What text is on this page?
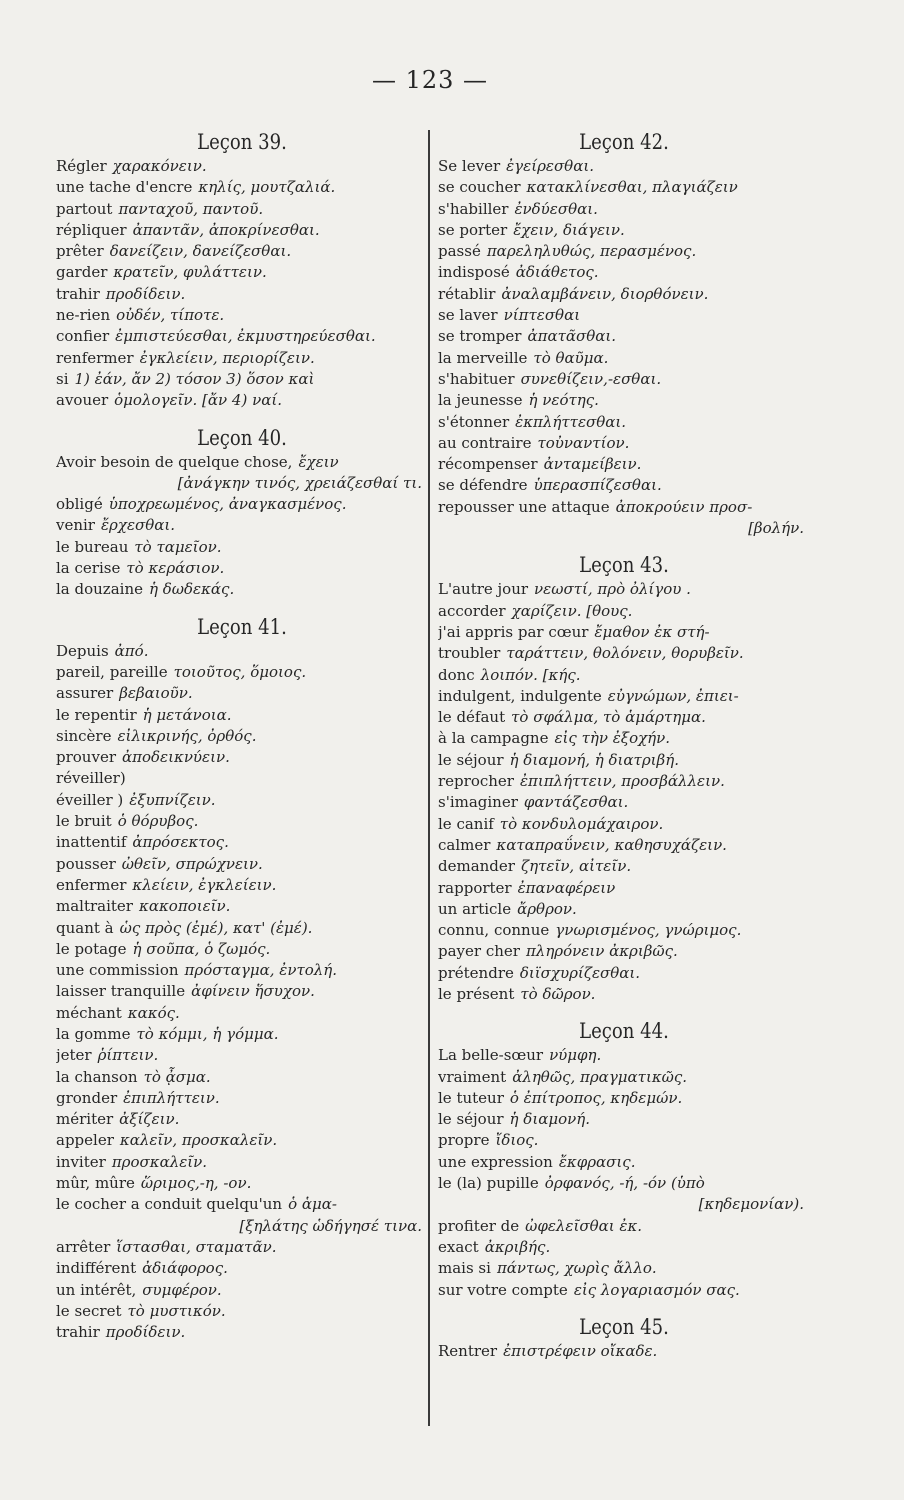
— 123 —
Leçon 39.
Régler χαρακόνειν.
une tache d'encre κηλίς, μουτζαλιά.
partout πανταχοῦ, παντοῦ.
répliquer ἀπαντᾶν, ἀποκρίνεσθαι.
prêter δανείζειν, δανείζεσθαι.
garder κρατεῖν, φυλάττειν.
trahir προδίδειν.
ne-rien οὐδέν, τίποτε.
confier ἐμπιστεύεσθαι, ἐκμυστηρεύεσθαι.
renfermer ἐγκλείειν, περιορίζειν.
si 1) ἐάν, ἄν 2) τόσον 3) ὅσον καὶ
avouer ὁμολογεῖν. [ἄν 4) ναί.
Leçon 40.
Avoir besoin de quelque chose, ἔχειν
[ἀνάγκην τινός, χρειάζεσθαί τι.
obligé ὑποχρεωμένος, ἀναγκασμένος.
venir ἔρχεσθαι.
le bureau τὸ ταμεῖον.
la cerise τὸ κεράσιον.
la douzaine ἡ δωδεκάς.
Leçon 41.
Depuis ἀπό.
pareil, pareille τοιοῦτος, ὅμοιος.
assurer βεβαιοῦν.
le repentir ἡ μετάνοια.
sincère εἰλικρινής, ὀρθός.
prouver ἀποδεικνύειν.
réveiller)
éveiller ) ἐξυπνίζειν.
le bruit ὁ θόρυβος.
inattentif ἀπρόσεκτος.
pousser ὠθεῖν, σπρώχνειν.
enfermer κλείειν, ἐγκλείειν.
maltraiter κακοποιεῖν.
quant à ὡς πρὸς (ἐμέ), κατ' (ἐμέ).
le potage ἡ σοῦπα, ὁ ζωμός.
une commission πρόσταγμα, ἐντολή.
laisser tranquille ἀφίνειν ἥσυχον.
méchant κακός.
la gomme τὸ κόμμι, ἡ γόμμα.
jeter ῥίπτειν.
la chanson τὸ ᾆσμα.
gronder ἐπιπλήττειν.
mériter ἀξίζειν.
appeler καλεῖν, προσκαλεῖν.
inviter προσκαλεῖν.
mûr, mûre ὥριμος,-η, -ον.
le cocher a conduit quelqu'un ὁ ἁμα-
[ξηλάτης ὡδήγησέ τινα.
arrêter ἵστασθαι, σταματᾶν.
indifférent ἀδιάφορος.
un intérêt, συμφέρον.
le secret τὸ μυστικόν.
trahir προδίδειν.
Leçon 42.
Se lever ἐγείρεσθαι.
se coucher κατακλίνεσθαι, πλαγιάζειν
s'habiller ἐνδύεσθαι.
se porter ἔχειν, διάγειν.
passé παρεληλυθώς, περασμένος.
indisposé ἀδιάθετος.
rétablir ἀναλαμβάνειν, διορθόνειν.
se laver νίπτεσθαι
se tromper ἀπατᾶσθαι.
la merveille τὸ θαῦμα.
s'habituer συνεθίζειν,-εσθαι.
la jeunesse ἡ νεότης.
s'étonner ἐκπλήττεσθαι.
au contraire τοὐναντίον.
récompenser ἀνταμείβειν.
se défendre ὑπερασπίζεσθαι.
repousser une attaque ἀποκρούειν προσ-
[βολήν.
Leçon 43.
L'autre jour νεωστί, πρὸ ὀλίγου .
accorder χαρίζειν. [θους.
j'ai appris par cœur ἔμαθον ἐκ στή-
troubler ταράττειν, θολόνειν, θορυβεῖν.
donc λοιπόν. [κής.
indulgent, indulgente εὐγνώμων, ἐπιει-
le défaut τὸ σφάλμα, τὸ ἁμάρτημα.
à la campagne εἰς τὴν ἐξοχήν.
le séjour ἡ διαμονή, ἡ διατριβή.
reprocher ἐπιπλήττειν, προσβάλλειν.
s'imaginer φαντάζεσθαι.
le canif τὸ κονδυλομάχαιρον.
calmer καταπραΰνειν, καθησυχάζειν.
demander ζητεῖν, αἰτεῖν.
rapporter ἐπαναφέρειν
un article ἄρθρον.
connu, connue γνωρισμένος, γνώριμος.
payer cher πληρόνειν ἀκριβῶς.
prétendre διϊσχυρίζεσθαι.
le présent τὸ δῶρον.
Leçon 44.
La belle-sœur νύμφη.
vraiment ἀληθῶς, πραγματικῶς.
le tuteur ὁ ἐπίτροπος, κηδεμών.
le séjour ἡ διαμονή.
propre ἴδιος.
une expression ἔκφρασις.
le (la) pupille ὀρφανός, -ή, -όν (ὑπὸ
[κηδεμονίαν).
profiter de ὠφελεῖσθαι ἐκ.
exact ἀκριβής.
mais si πάντως, χωρὶς ἄλλο.
sur votre compte εἰς λογαριασμόν σας.
Leçon 45.
Rentrer ἐπιστρέφειν οἴκαδε.
